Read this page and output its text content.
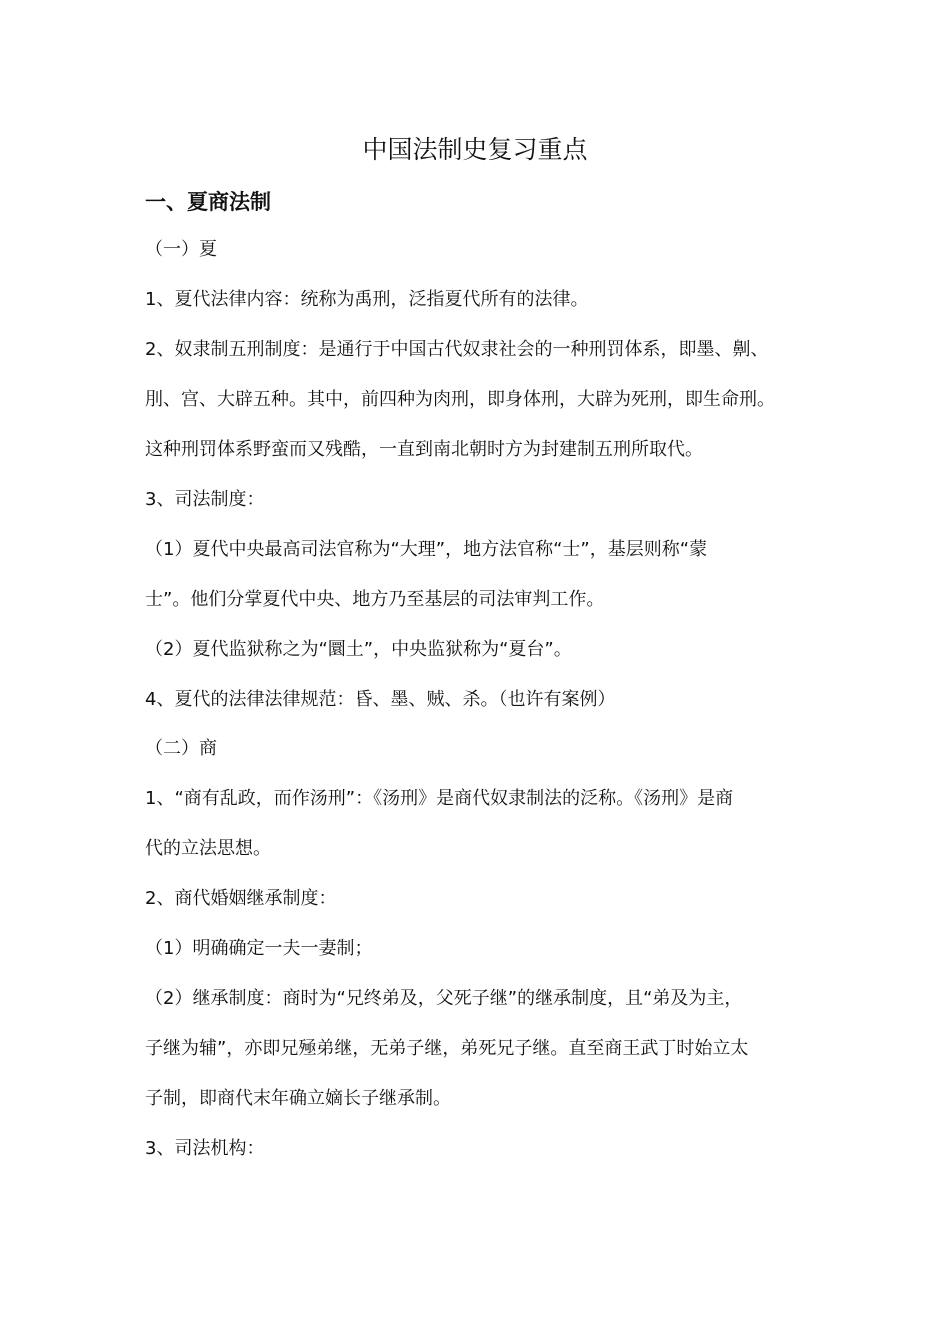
中国法制史复习重点
一、夏商法制

（一）夏

1、夏代法律内容：统称为禹刑，泛指夏代所有的法律。

2、奴隶制五刑制度：是通行于中国古代奴隶社会的一种刑罚体系，即墨、劓、

刖、宫、大辟五种。其中，前四种为肉刑，即身体刑，大辟为死刑，即生命刑。

这种刑罚体系野蛮而又残酷，一直到南北朝时方为封建制五刑所取代。

3、司法制度：

（1）夏代中央最高司法官称为“大理”，地方法官称“士”，基层则称“蒙

士”。他们分掌夏代中央、地方乃至基层的司法审判工作。

（2）夏代监狱称之为“圜土”，中央监狱称为“夏台”。

4、夏代的法律法律规范：昏、墨、贼、杀。（也许有案例）

（二）商

1、“商有乱政，而作汤刑”：《汤刑》是商代奴隶制法的泛称。《汤刑》是商

代的立法思想。

2、商代婚姻继承制度：

（1）明确确定一夫一妻制；

（2）继承制度：商时为“兄终弟及，父死子继”的继承制度，且“弟及为主，

子继为辅”，亦即兄殛弟继，无弟子继，弟死兄子继。直至商王武丁时始立太

子制，即商代末年确立嫡长子继承制。

3、司法机构：
